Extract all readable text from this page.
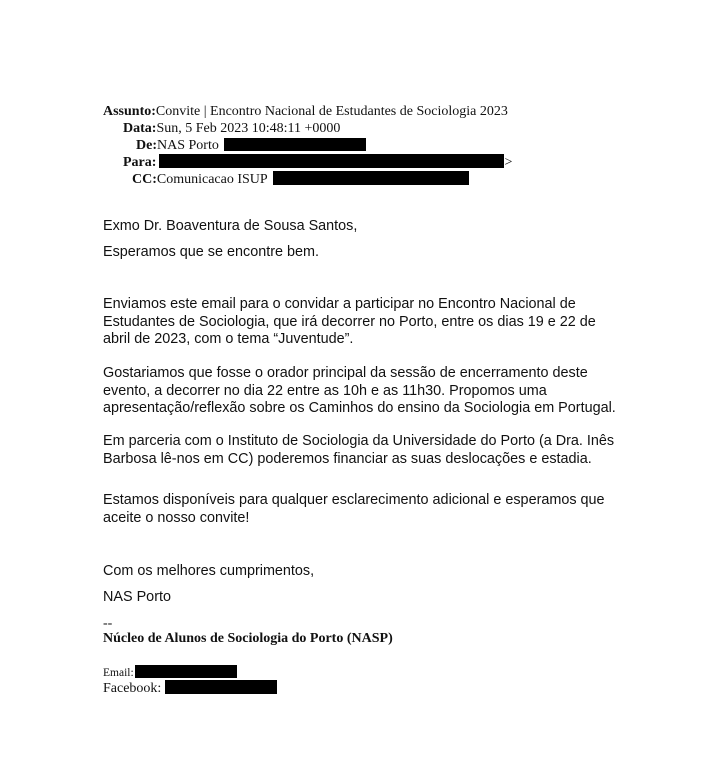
Assunto:Convite | Encontro Nacional de Estudantes de Sociologia 2023
Data:Sun, 5 Feb 2023 10:48:11 +0000
De:NAS Porto
Para:	>
CC:Comunicacao ISUP
Exmo Dr. Boaventura de Sousa Santos,
Esperamos que se encontre bem.
Enviamos este email para o convidar a participar no Encontro Nacional de Estudantes de Sociologia, que irá decorrer no Porto, entre os dias 19 e 22 de abril de 2023, com o tema “Juventude”.
Gostariamos que fosse o orador principal da sessão de encerramento deste evento, a decorrer no dia 22 entre as 10h e as 11h30. Propomos uma apresentação/reflexão sobre os Caminhos do ensino da Sociologia em Portugal.
Em parceria com o Instituto de Sociologia da Universidade do Porto (a Dra. Inês Barbosa lê-nos em CC) poderemos financiar as suas deslocações e estadia.
Estamos disponíveis para qualquer esclarecimento adicional e esperamos que aceite o nosso convite!
Com os melhores cumprimentos,
NAS Porto
--
Núcleo de Alunos de Sociologia do Porto (NASP)
Email:
Facebook:
